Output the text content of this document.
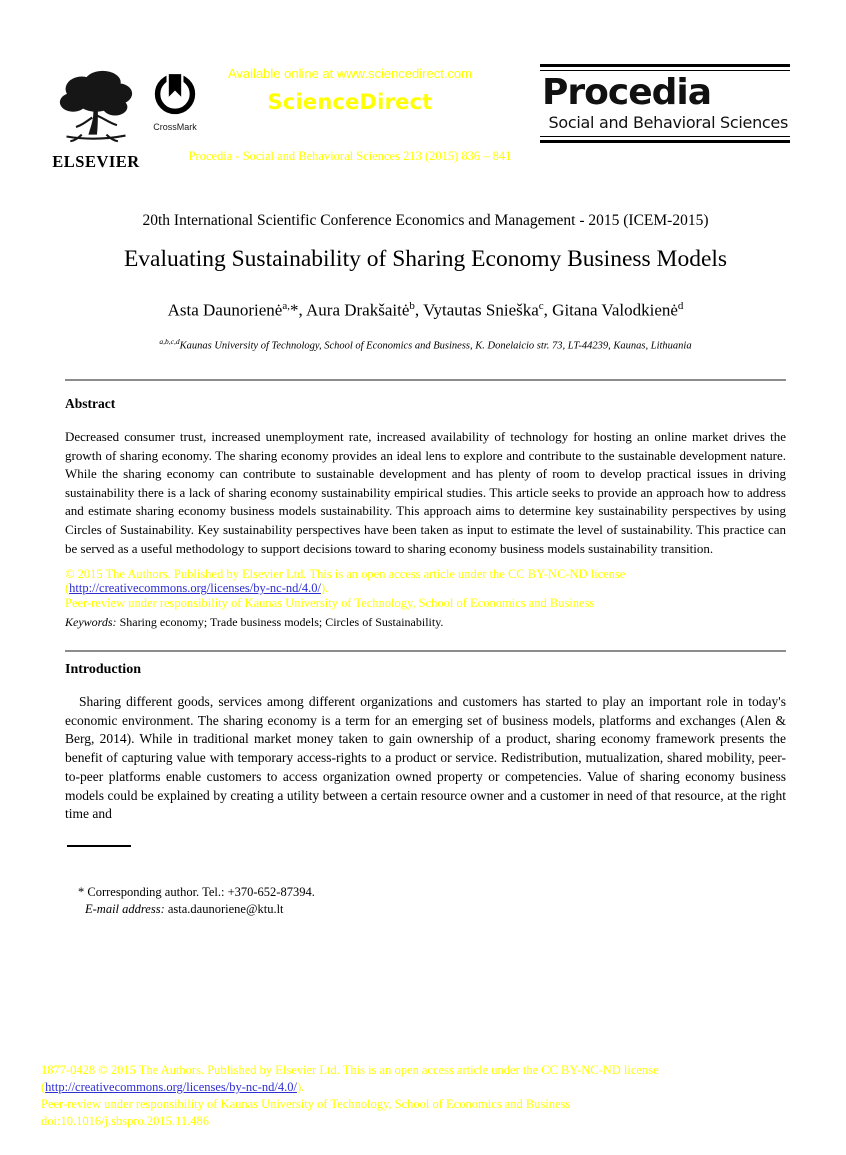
ELSEVIER
CrossMark
Available online at www.sciencedirect.com
ScienceDirect
Procedia - Social and Behavioral Sciences 213 (2015) 836 – 841
Procedia
Social and Behavioral Sciences
20th International Scientific Conference Economics and Management - 2015 (ICEM-2015)
Evaluating Sustainability of Sharing Economy Business Models
Asta Daunorienė$^{a,}$*, Aura Drakšaitė$^b$, Vytautas Snieška$^c$, Gitana Valodkienė$^d$
$^{a,b,c,d}$Kaunas University of Technology, School of Economics and Business, K. Donelaicio str. 73, LT-44239, Kaunas, Lithuania
Abstract
Decreased consumer trust, increased unemployment rate, increased availability of technology for hosting an online market drives the growth of sharing economy. The sharing economy provides an ideal lens to explore and contribute to the sustainable development nature. While the sharing economy can contribute to sustainable development and has plenty of room to develop practical issues in driving sustainability there is a lack of sharing economy sustainability empirical studies. This article seeks to provide an approach how to address and estimate sharing economy business models sustainability. This approach aims to determine key sustainability perspectives by using Circles of Sustainability. Key sustainability perspectives have been taken as input to estimate the level of sustainability. This practice can be served as a useful methodology to support decisions toward to sharing economy business models sustainability transition.
© 2015 The Authors. Published by Elsevier Ltd. This is an open access article under the CC BY-NC-ND license
(http://creativecommons.org/licenses/by-nc-nd/4.0/).
Peer-review under responsibility of Kaunas University of Technology, School of Economics and Business
Keywords: Sharing economy; Trade business models; Circles of Sustainability.
Introduction
Sharing different goods, services among different organizations and customers has started to play an important role in today's economic environment. The sharing economy is a term for an emerging set of business models, platforms and exchanges (Alen & Berg, 2014). While in traditional market money taken to gain ownership of a product, sharing economy framework presents the benefit of capturing value with temporary access-rights to a product or service. Redistribution, mutualization, shared mobility, peer-to-peer platforms enable customers to access organization owned property or competencies. Value of sharing economy business models could be explained by creating a utility between a certain resource owner and a customer in need of that resource, at the right time and
* Corresponding author. Tel.: +370-652-87394.
E-mail address: asta.daunoriene@ktu.lt
1877-0428 © 2015 The Authors. Published by Elsevier Ltd. This is an open access article under the CC BY-NC-ND license
(http://creativecommons.org/licenses/by-nc-nd/4.0/).
Peer-review under responsibility of Kaunas University of Technology, School of Economics and Business
doi:10.1016/j.sbspro.2015.11.486
